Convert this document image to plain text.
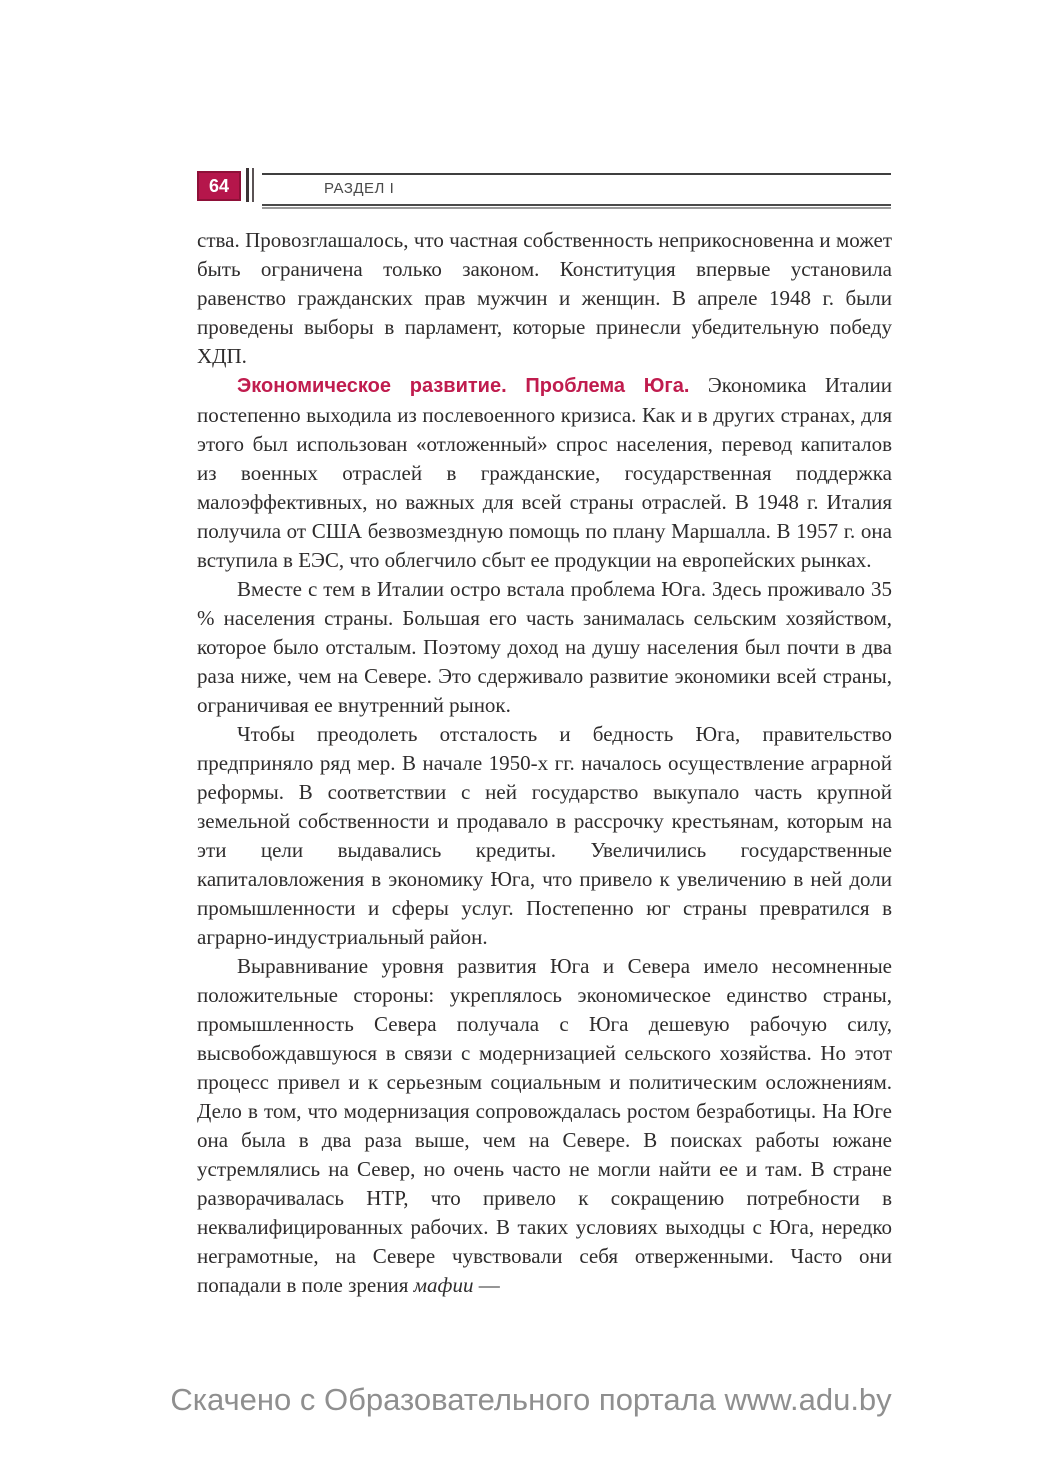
64	РАЗДЕЛ I

ства. Провозглашалось, что частная собственность неприкосновенна и может быть ограничена только законом. Конституция впервые установила равенство гражданских прав мужчин и женщин. В апреле 1948 г. были проведены выборы в парламент, которые принесли убедительную победу ХДП.

Экономическое развитие. Проблема Юга. Экономика Италии постепенно выходила из послевоенного кризиса. Как и в других странах, для этого был использован «отложенный» спрос населения, перевод капиталов из военных отраслей в гражданские, государственная поддержка малоэффективных, но важных для всей страны отраслей. В 1948 г. Италия получила от США безвозмездную помощь по плану Маршалла. В 1957 г. она вступила в ЕЭС, что облегчило сбыт ее продукции на европейских рынках.

Вместе с тем в Италии остро встала проблема Юга. Здесь проживало 35 % населения страны. Большая его часть занималась сельским хозяйством, которое было отсталым. Поэтому доход на душу населения был почти в два раза ниже, чем на Севере. Это сдерживало развитие экономики всей страны, ограничивая ее внутренний рынок.

Чтобы преодолеть отсталость и бедность Юга, правительство предприняло ряд мер. В начале 1950-х гг. началось осуществление аграрной реформы. В соответствии с ней государство выкупало часть крупной земельной собственности и продавало в рассрочку крестьянам, которым на эти цели выдавались кредиты. Увеличились государственные капиталовложения в экономику Юга, что привело к увеличению в ней доли промышленности и сферы услуг. Постепенно юг страны превратился в аграрно-индустриальный район.

Выравнивание уровня развития Юга и Севера имело несомненные положительные стороны: укреплялось экономическое единство страны, промышленность Севера получала с Юга дешевую рабочую силу, высвобождавшуюся в связи с модернизацией сельского хозяйства. Но этот процесс привел и к серьезным социальным и политическим осложнениям. Дело в том, что модернизация сопровождалась ростом безработицы. На Юге она была в два раза выше, чем на Севере. В поисках работы южане устремлялись на Север, но очень часто не могли найти ее и там. В стране разворачивалась НТР, что привело к сокращению потребности в неквалифицированных рабочих. В таких условиях выходцы с Юга, нередко неграмотные, на Севере чувствовали себя отверженными. Часто они попадали в поле зрения мафии —

Скачено с Образовательного портала www.adu.by
